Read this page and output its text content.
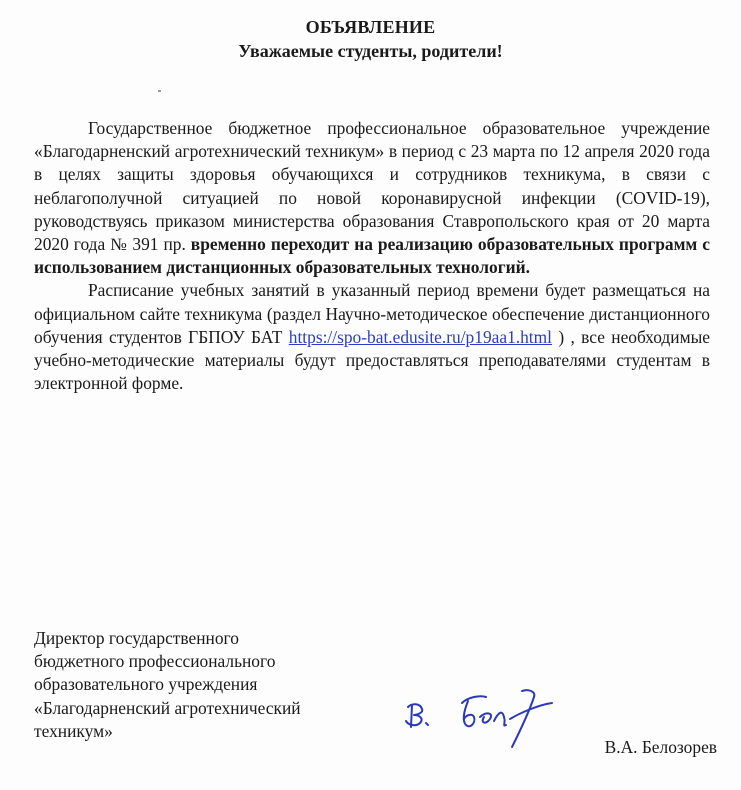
ОБЪЯВЛЕНИЕ
Уважаемые студенты, родители!

Государственное бюджетное профессиональное образовательное учреждение «Благодарненский агротехнический техникум» в период с 23 марта по 12 апреля 2020 года в целях защиты здоровья обучающихся и сотрудников техникума, в связи с неблагополучной ситуацией по новой коронавирусной инфекции (COVID-19), руководствуясь приказом министерства образования Ставропольского края от 20 марта 2020 года № 391 пр. временно переходит на реализацию образовательных программ с использованием дистанционных образовательных технологий.

Расписание учебных занятий в указанный период времени будет размещаться на официальном сайте техникума (раздел Научно-методическое обеспечение дистанционного обучения студентов ГБПОУ БАТ https://spo-bat.edusite.ru/p19aa1.html ) , все необходимые учебно-методические материалы будут предоставляться преподавателями студентам в электронной форме.

Директор государственного
бюджетного профессионального
образовательного учреждения
«Благодарненский агротехнический
техникум»
В.А. Белозорев
